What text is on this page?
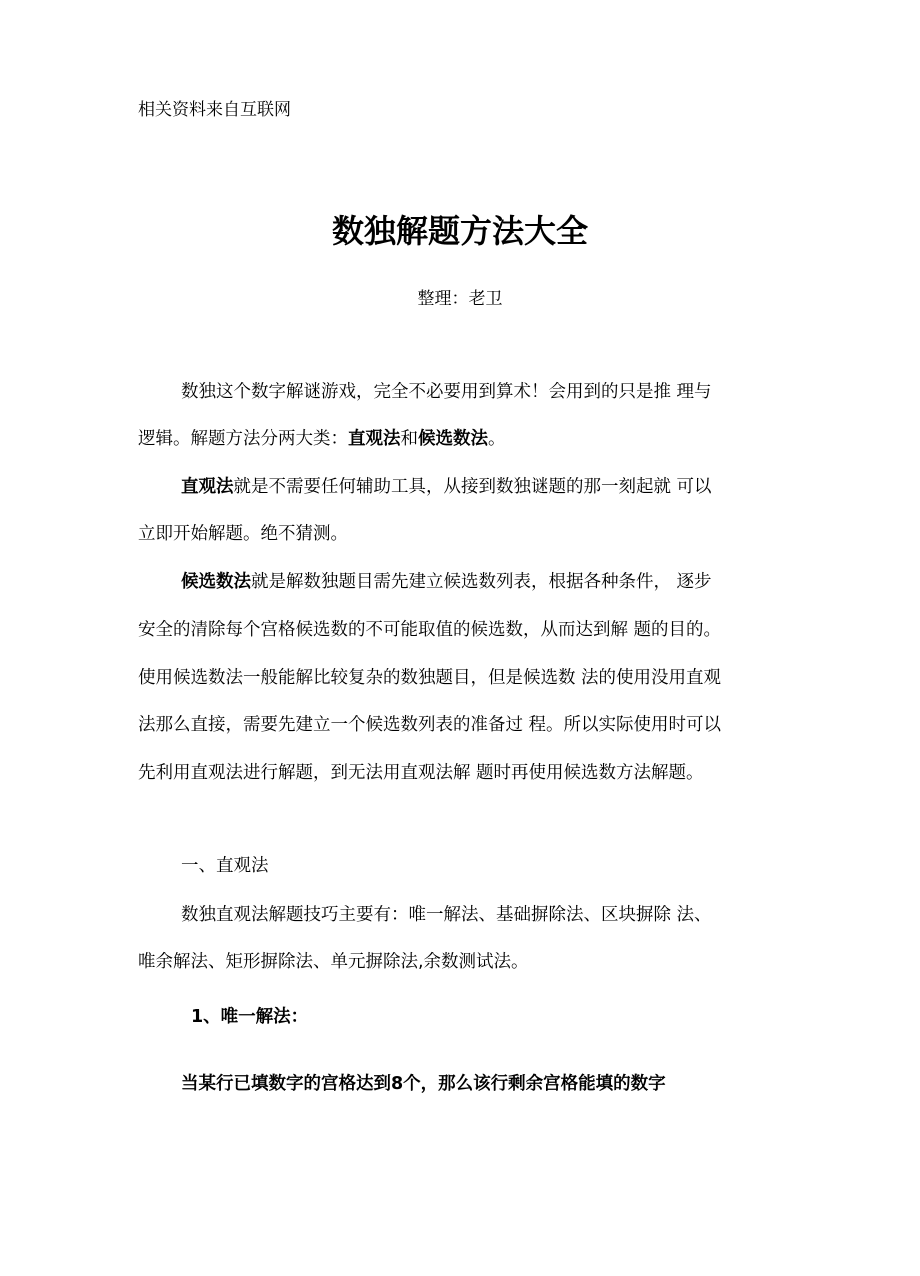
相关资料来自互联网
数独解题方法大全
整理：老卫
数独这个数字解谜游戏，完全不必要用到算术！会用到的只是推 理与
逻辑。解题方法分两大类：直观法和候选数法。
直观法就是不需要任何辅助工具，从接到数独谜题的那一刻起就 可以
立即开始解题。绝不猜测。
候选数法就是解数独题目需先建立候选数列表，根据各种条件， 逐步
安全的清除每个宫格候选数的不可能取值的候选数，从而达到解 题的目的。
使用候选数法一般能解比较复杂的数独题目，但是候选数 法的使用没用直观
法那么直接，需要先建立一个候选数列表的准备过 程。所以实际使用时可以
先利用直观法进行解题，到无法用直观法解 题时再使用候选数方法解题。
一、直观法
数独直观法解题技巧主要有：唯一解法、基础摒除法、区块摒除 法、
唯余解法、矩形摒除法、单元摒除法,余数测试法。
1、唯一解法：
当某行已填数字的宫格达到8个，那么该行剩余宫格能填的数字
